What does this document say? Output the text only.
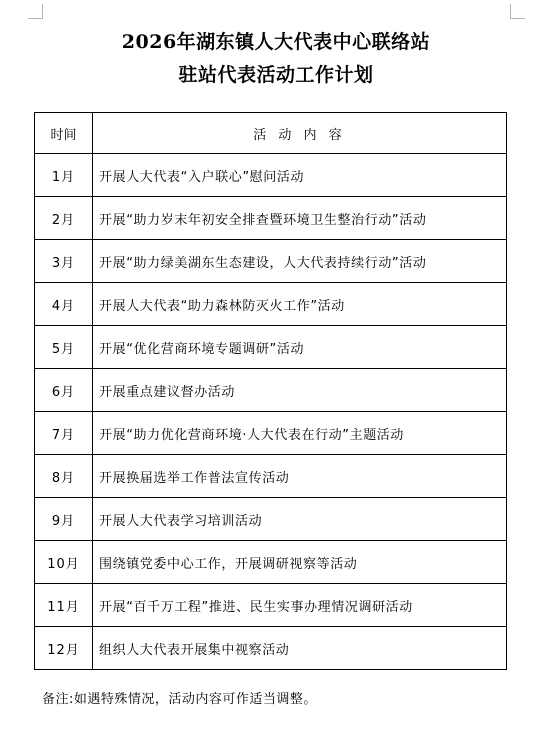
2026年湖东镇人大代表中心联络站
驻站代表活动工作计划
时间	活 动 内 容
1月	开展人大代表“入户联心”慰问活动
2月	开展“助力岁末年初安全排查暨环境卫生整治行动”活动
3月	开展“助力绿美湖东生态建设，人大代表持续行动”活动
4月	开展人大代表“助力森林防灭火工作”活动
5月	开展“优化营商环境专题调研”活动
6月	开展重点建议督办活动
7月	开展“助力优化营商环境·人大代表在行动”主题活动
8月	开展换届选举工作普法宣传活动
9月	开展人大代表学习培训活动
10月	围绕镇党委中心工作，开展调研视察等活动
11月	开展“百千万工程”推进、民生实事办理情况调研活动
12月	组织人大代表开展集中视察活动
备注:如遇特殊情况，活动内容可作适当调整。
